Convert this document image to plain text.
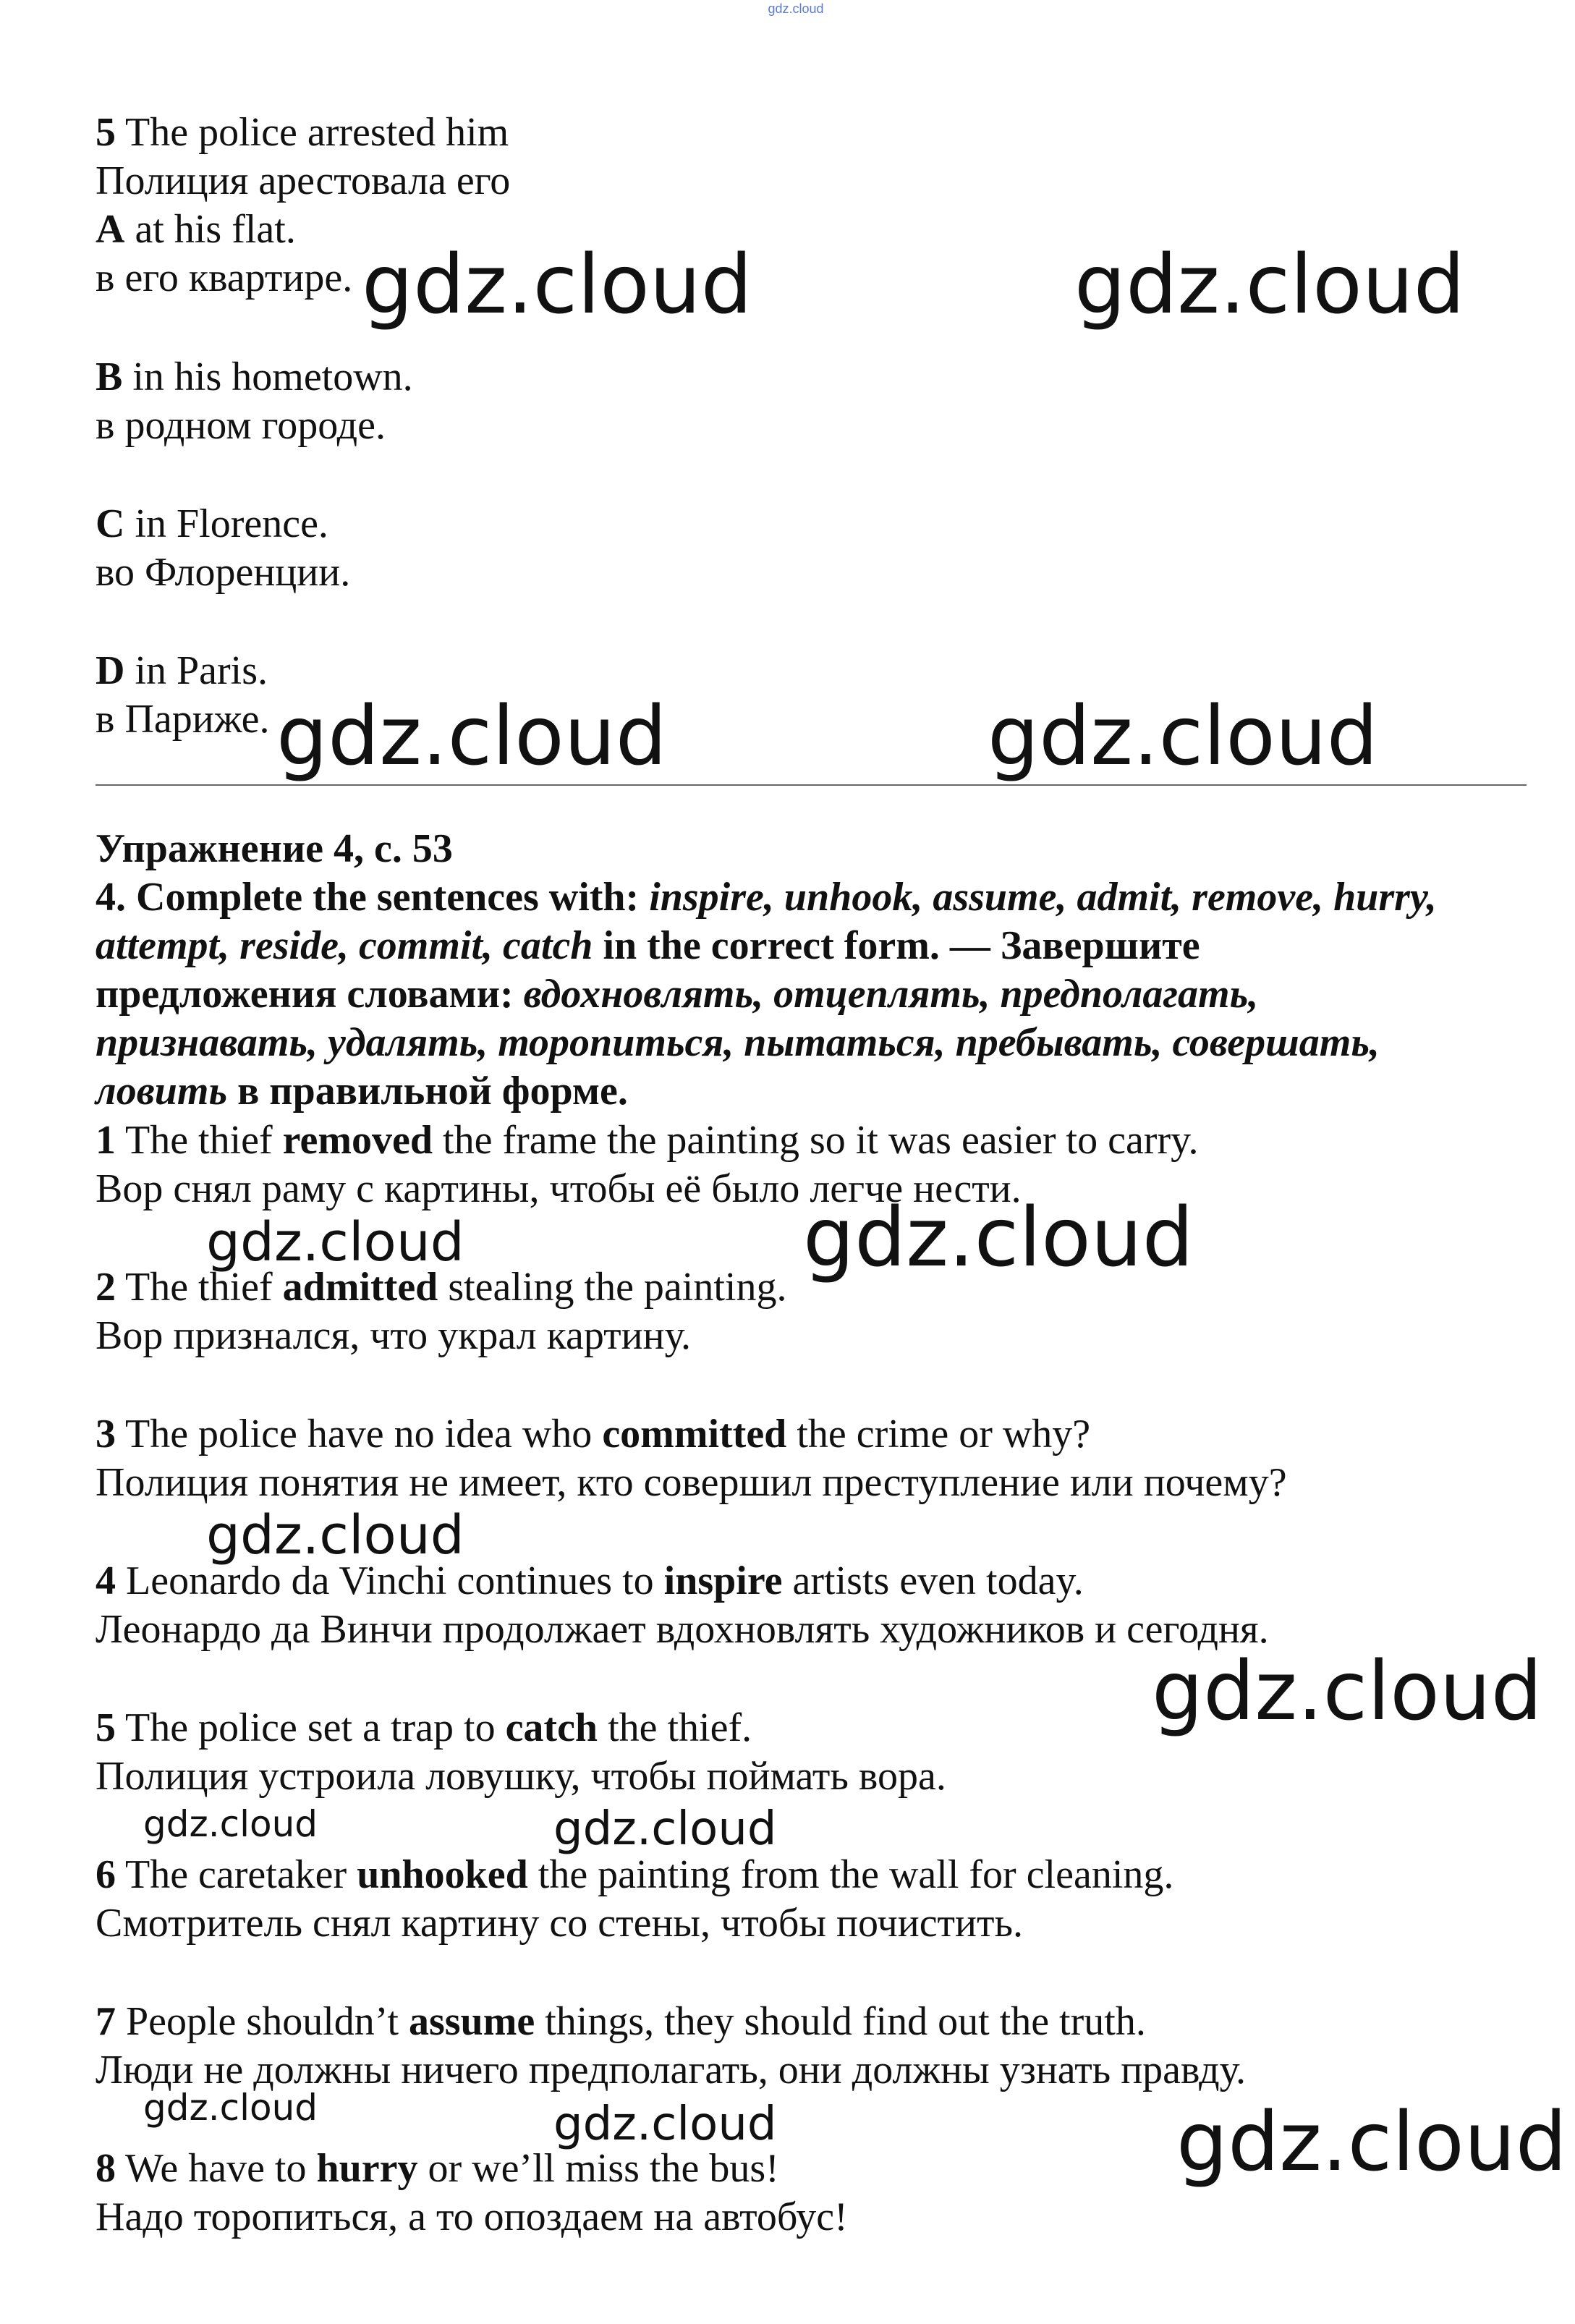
gdz.cloud
5 The police arrested him
Полиция арестовала его
A at his flat.
в его квартире.
B in his hometown.
в родном городе.
C in Florence.
во Флоренции.
D in Paris.
в Париже.
Упражнение 4, с. 53
4. Complete the sentences with: inspire, unhook, assume, admit, remove, hurry,
attempt, reside, commit, catch in the correct form. — Завершите
предложения словами: вдохновлять, отцеплять, предполагать,
признавать, удалять, торопиться, пытаться, пребывать, совершать,
ловить в правильной форме.
1 The thief removed the frame the painting so it was easier to carry.
Вор снял раму с картины, чтобы её было легче нести.
2 The thief admitted stealing the painting.
Вор признался, что украл картину.
3 The police have no idea who committed the crime or why?
Полиция понятия не имеет, кто совершил преступление или почему?
4 Leonardo da Vinchi continues to inspire artists even today.
Леонардо да Винчи продолжает вдохновлять художников и сегодня.
5 The police set a trap to catch the thief.
Полиция устроила ловушку, чтобы поймать вора.
6 The caretaker unhooked the painting from the wall for cleaning.
Смотритель снял картину со стены, чтобы почистить.
7 People shouldn’t assume things, they should find out the truth.
Люди не должны ничего предполагать, они должны узнать правду.
8 We have to hurry or we’ll miss the bus!
Надо торопиться, а то опоздаем на автобус!
gdz.cloud	gdz.cloud
gdz.cloud	gdz.cloud
gdz.cloud	gdz.cloud
gdz.cloud
gdz.cloud
gdz.cloud	gdz.cloud
gdz.cloud	gdz.cloud	gdz.cloud
